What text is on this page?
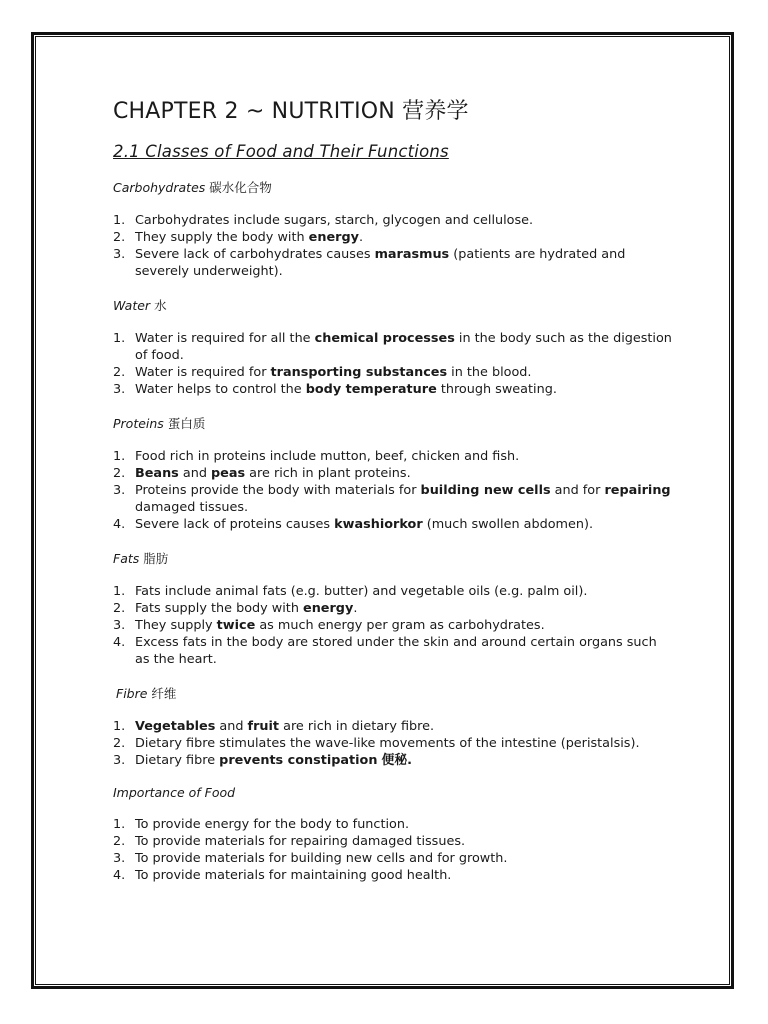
CHAPTER 2 ~ NUTRITION 营养学
2.1 Classes of Food and Their Functions
Carbohydrates 碳水化合物
1. Carbohydrates include sugars, starch, glycogen and cellulose.
2. They supply the body with energy.
3. Severe lack of carbohydrates causes marasmus (patients are hydrated and severely underweight).
Water 水
1. Water is required for all the chemical processes in the body such as the digestion of food.
2. Water is required for transporting substances in the blood.
3. Water helps to control the body temperature through sweating.
Proteins 蛋白质
1. Food rich in proteins include mutton, beef, chicken and fish.
2. Beans and peas are rich in plant proteins.
3. Proteins provide the body with materials for building new cells and for repairing damaged tissues.
4. Severe lack of proteins causes kwashiorkor (much swollen abdomen).
Fats 脂肪
1. Fats include animal fats (e.g. butter) and vegetable oils (e.g. palm oil).
2. Fats supply the body with energy.
3. They supply twice as much energy per gram as carbohydrates.
4. Excess fats in the body are stored under the skin and around certain organs such as the heart.
Fibre 纤维
1. Vegetables and fruit are rich in dietary fibre.
2. Dietary fibre stimulates the wave-like movements of the intestine (peristalsis).
3. Dietary fibre prevents constipation 便秘.
Importance of Food
1. To provide energy for the body to function.
2. To provide materials for repairing damaged tissues.
3. To provide materials for building new cells and for growth.
4. To provide materials for maintaining good health.
